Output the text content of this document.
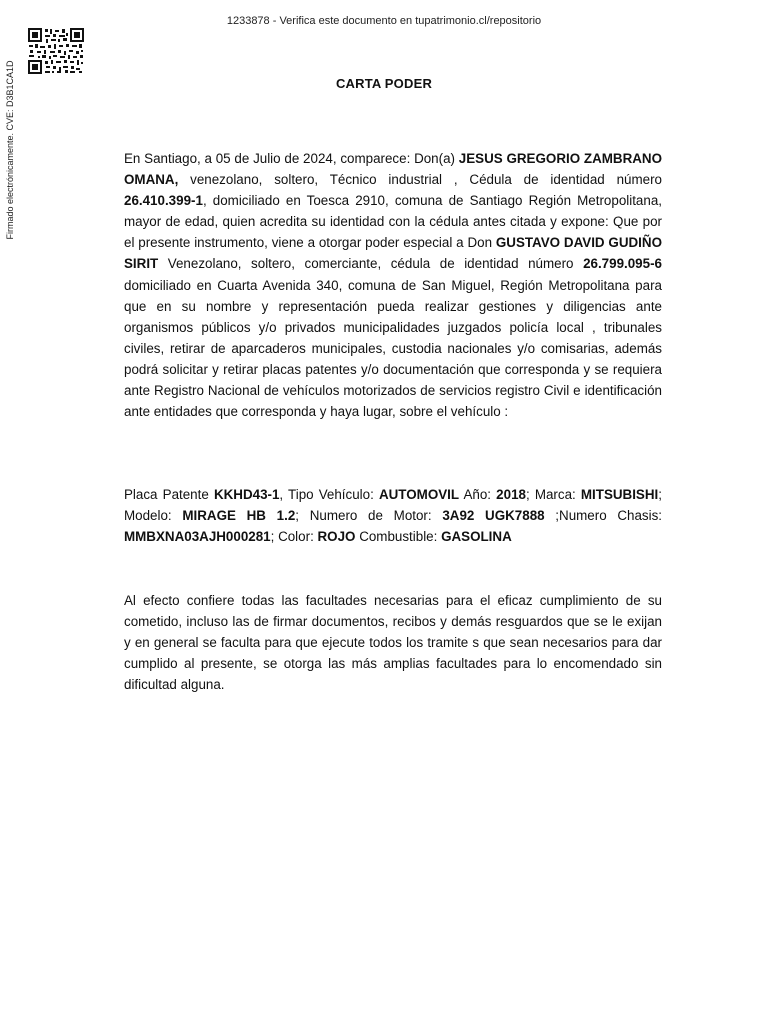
1233878 - Verifica este documento en tupatrimonio.cl/repositorio
Firmado electrónicamente. CVE: D3B1CA1D	CARTA PODER
En Santiago, a 05 de Julio de 2024, comparece: Don(a) JESUS GREGORIO ZAMBRANO OMANA, venezolano, soltero, Técnico industrial , Cédula de identidad número 26.410.399-1, domiciliado en Toesca 2910, comuna de Santiago Región Metropolitana, mayor de edad, quien acredita su identidad con la cédula antes citada y expone: Que por el presente instrumento, viene a otorgar poder especial a Don GUSTAVO DAVID GUDIÑO SIRIT Venezolano, soltero, comerciante, cédula de identidad número 26.799.095-6 domiciliado en Cuarta Avenida 340, comuna de San Miguel, Región Metropolitana para que en su nombre y representación pueda realizar gestiones y diligencias ante organismos públicos y/o privados municipalidades juzgados policía local , tribunales civiles, retirar de aparcaderos municipales, custodia nacionales y/o comisarias, además podrá solicitar y retirar placas patentes y/o documentación que corresponda y se requiera ante Registro Nacional de vehículos motorizados de servicios registro Civil e identificación ante entidades que corresponda y haya lugar, sobre el vehículo :
Placa Patente KKHD43-1, Tipo Vehículo: AUTOMOVIL Año: 2018; Marca: MITSUBISHI; Modelo: MIRAGE HB 1.2; Numero de Motor: 3A92 UGK7888 ;Numero Chasis: MMBXNA03AJH000281; Color: ROJO Combustible: GASOLINA
Al efecto confiere todas las facultades necesarias para el eficaz cumplimiento de su cometido, incluso las de firmar documentos, recibos y demás resguardos que se le exijan y en general se faculta para que ejecute todos los tramite s que sean necesarios para dar cumplido al presente, se otorga las más amplias facultades para lo encomendado sin dificultad alguna.
